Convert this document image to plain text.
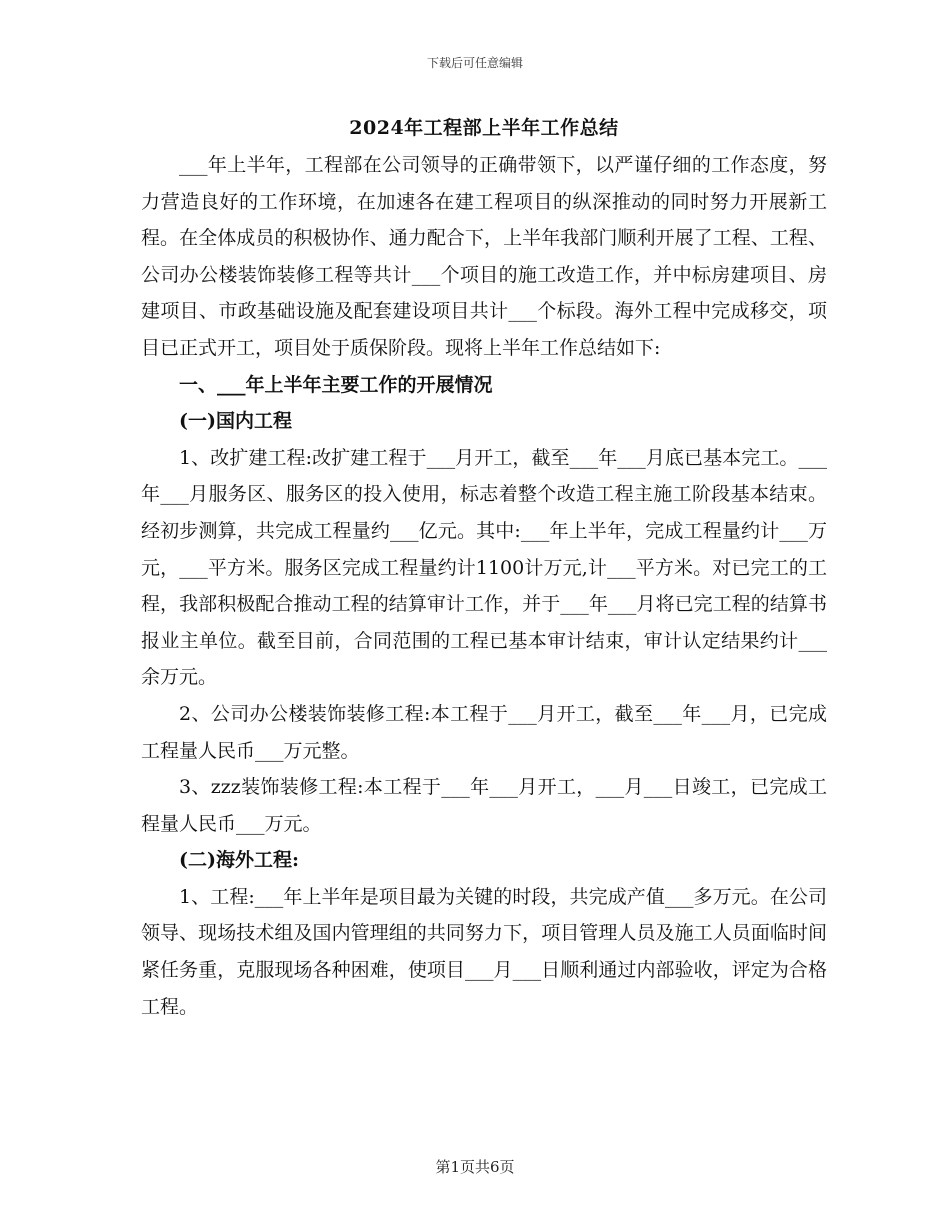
下载后可任意编辑

2024年工程部上半年工作总结

___年上半年，工程部在公司领导的正确带领下，以严谨仔细的工作态度，努力营造良好的工作环境，在加速各在建工程项目的纵深推动的同时努力开展新工程。在全体成员的积极协作、通力配合下，上半年我部门顺利开展了工程、工程、公司办公楼装饰装修工程等共计___个项目的施工改造工作，并中标房建项目、房建项目、市政基础设施及配套建设项目共计___个标段。海外工程中完成移交，项目已正式开工，项目处于质保阶段。现将上半年工作总结如下:

一、___年上半年主要工作的开展情况

(一)国内工程

1、改扩建工程:改扩建工程于___月开工，截至___年___月底已基本完工。___年___月服务区、服务区的投入使用，标志着整个改造工程主施工阶段基本结束。经初步测算，共完成工程量约___亿元。其中:___年上半年，完成工程量约计___万元，___平方米。服务区完成工程量约计1100计万元,计___平方米。对已完工的工程，我部积极配合推动工程的结算审计工作，并于___年___月将已完工程的结算书报业主单位。截至目前，合同范围的工程已基本审计结束，审计认定结果约计___余万元。

2、公司办公楼装饰装修工程:本工程于___月开工，截至___年___月，已完成工程量人民币___万元整。

3、zzz装饰装修工程:本工程于___年___月开工，___月___日竣工，已完成工程量人民币___万元。

(二)海外工程:

1、工程:___年上半年是项目最为关键的时段，共完成产值___多万元。在公司领导、现场技术组及国内管理组的共同努力下，项目管理人员及施工人员面临时间紧任务重，克服现场各种困难，使项目___月___日顺利通过内部验收，评定为合格工程。

第1页共6页
